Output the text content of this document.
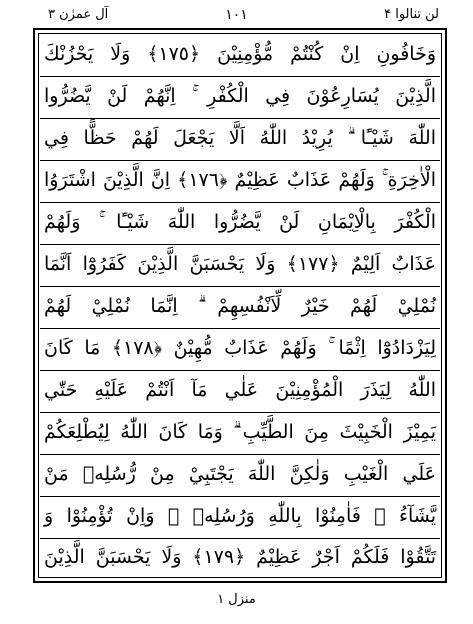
لن تنالوا ۴
۱۰۱
آل عمرٰن ۳
وَخَافُونِ اِنْ كُنْتُمْ مُّؤْمِنِيْنَ ﴿١٧٥﴾ وَلَا يَحْزُنْكَ
الَّذِيْنَ يُسَارِعُوْنَ فِي الْكُفْرِ ۚ اِنَّهُمْ لَنْ يَّضُرُّوا
اللّٰهَ شَيْـًٔا ۗ يُرِيْدُ اللّٰهُ اَلَّا يَجْعَلَ لَهُمْ حَظًّا فِي
الْاٰخِرَةِ ۚ وَلَهُمْ عَذَابٌ عَظِيْمٌ ﴿١٧٦﴾ اِنَّ الَّذِيْنَ اشْتَرَوُا
الْكُفْرَ بِالْاِيْمَانِ لَنْ يَّضُرُّوا اللّٰهَ شَيْـًٔا ۚ وَلَهُمْ
عَذَابٌ اَلِيْمٌ ﴿١٧٧﴾ وَلَا يَحْسَبَنَّ الَّذِيْنَ كَفَرُوْٓا اَنَّمَا
نُمْلِيْ لَهُمْ خَيْرٌ لِّاَنْفُسِهِمْ ۗ اِنَّمَا نُمْلِيْ لَهُمْ
لِيَزْدَادُوْٓا اِثْمًا ۚ وَلَهُمْ عَذَابٌ مُّهِيْنٌ ﴿١٧٨﴾ مَا كَانَ
اللّٰهُ لِيَذَرَ الْمُؤْمِنِيْنَ عَلٰي مَآ اَنْتُمْ عَلَيْهِ حَتّٰي
يَمِيْزَ الْخَبِيْثَ مِنَ الطَّيِّبِ ۗ وَمَا كَانَ اللّٰهُ لِيُطْلِعَكُمْ
عَلَي الْغَيْبِ وَلٰكِنَّ اللّٰهَ يَجْتَبِيْ مِنْ رُّسُلِهٖ مَنْ
يَّشَآءُ ۠ فَاٰمِنُوْا بِاللّٰهِ وَرُسُلِهٖ ۚ وَاِنْ تُؤْمِنُوْا وَ
تَتَّقُوْا فَلَكُمْ اَجْرٌ عَظِيْمٌ ﴿١٧٩﴾ وَلَا يَحْسَبَنَّ الَّذِيْنَ
منزل ١
